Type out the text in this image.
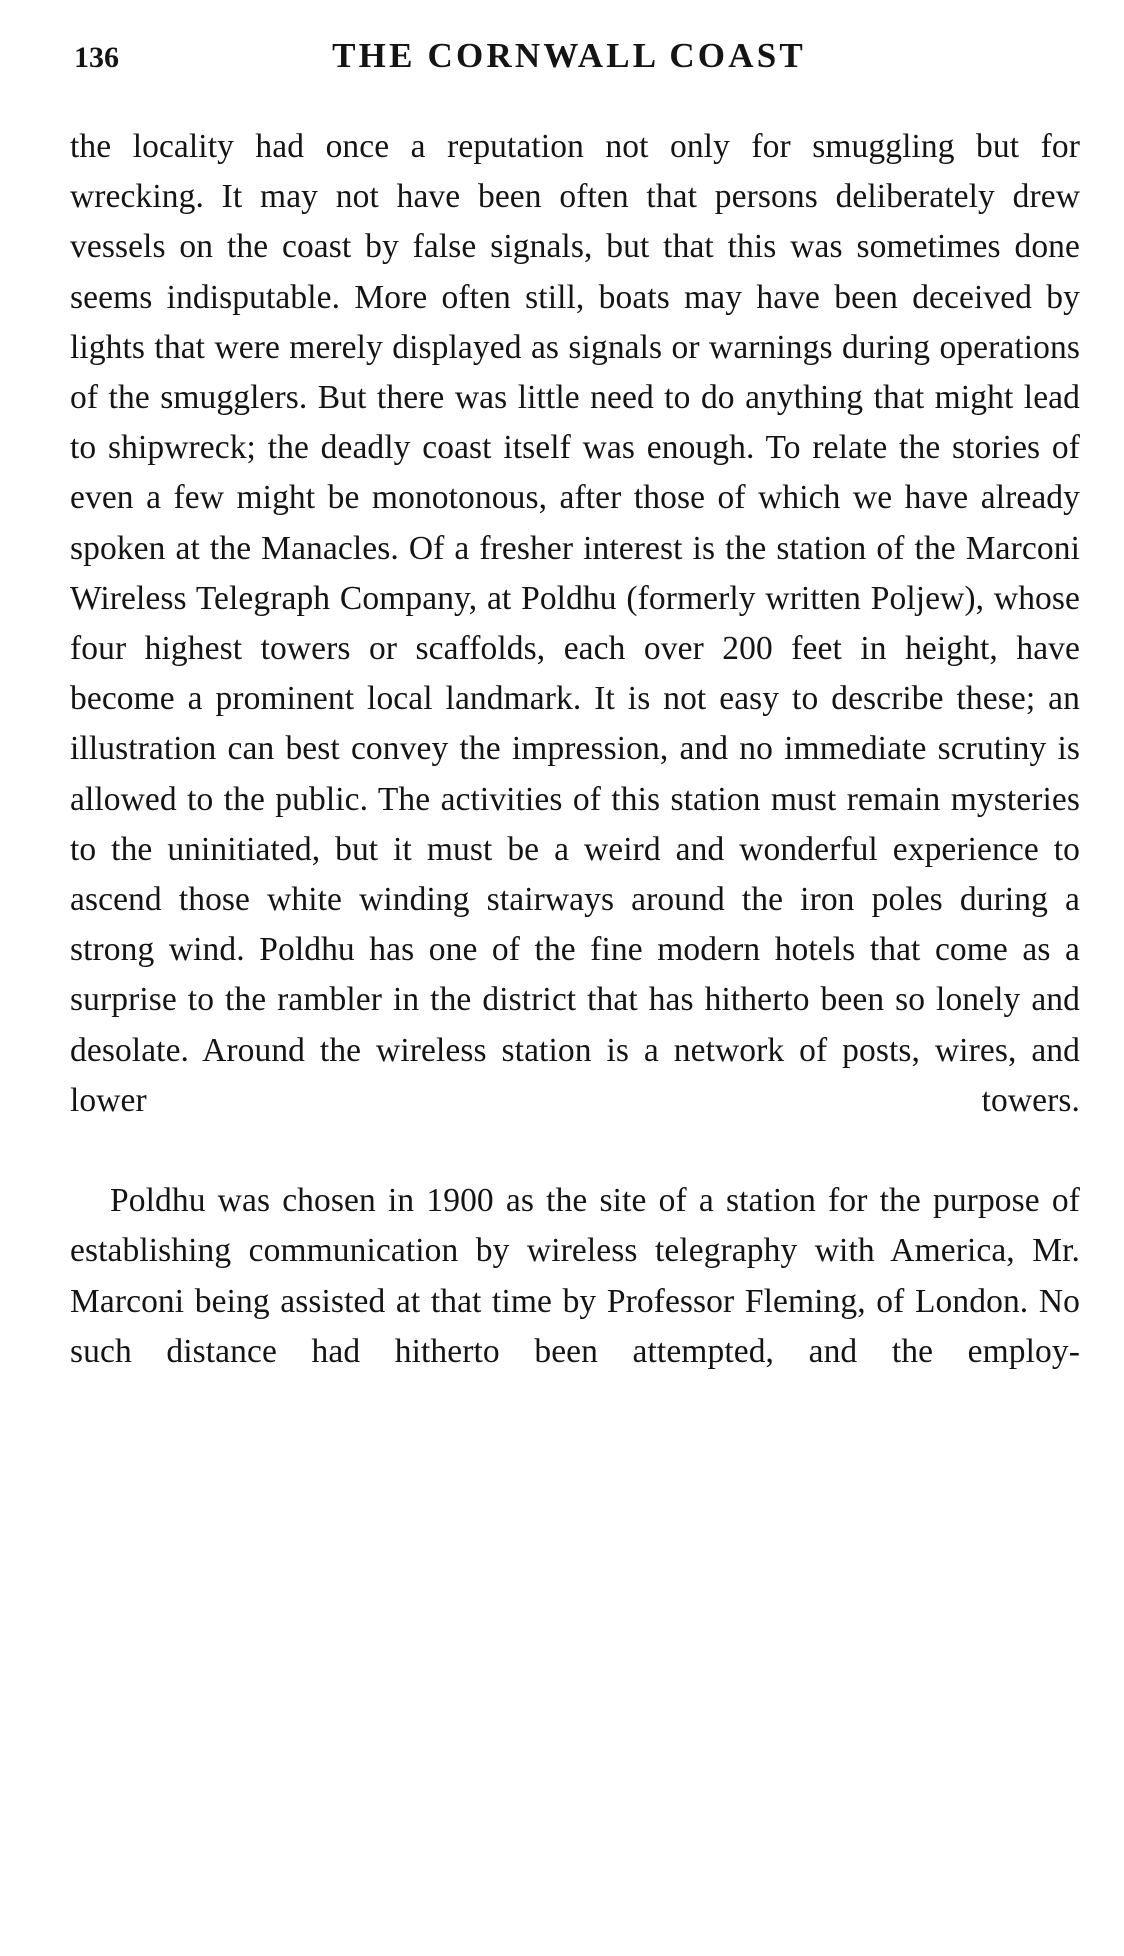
136	THE CORNWALL COAST

the locality had once a reputation not only for smuggling but for wrecking. It may not have been often that persons deliberately drew vessels on the coast by false signals, but that this was sometimes done seems indisputable. More often still, boats may have been deceived by lights that were merely displayed as signals or warnings during operations of the smugglers. But there was little need to do anything that might lead to shipwreck; the deadly coast itself was enough. To relate the stories of even a few might be monotonous, after those of which we have already spoken at the Manacles. Of a fresher interest is the station of the Marconi Wireless Telegraph Company, at Poldhu (formerly written Poljew), whose four highest towers or scaffolds, each over 200 feet in height, have become a prominent local landmark. It is not easy to describe these; an illustration can best convey the impression, and no immediate scrutiny is allowed to the public. The activities of this station must remain mysteries to the uninitiated, but it must be a weird and wonderful experience to ascend those white winding stairways around the iron poles during a strong wind. Poldhu has one of the fine modern hotels that come as a surprise to the rambler in the district that has hitherto been so lonely and desolate. Around the wireless station is a network of posts, wires, and lower towers.

Poldhu was chosen in 1900 as the site of a station for the purpose of establishing communication by wireless telegraphy with America, Mr. Marconi being assisted at that time by Professor Fleming, of London. No such distance had hitherto been attempted, and the employ-
